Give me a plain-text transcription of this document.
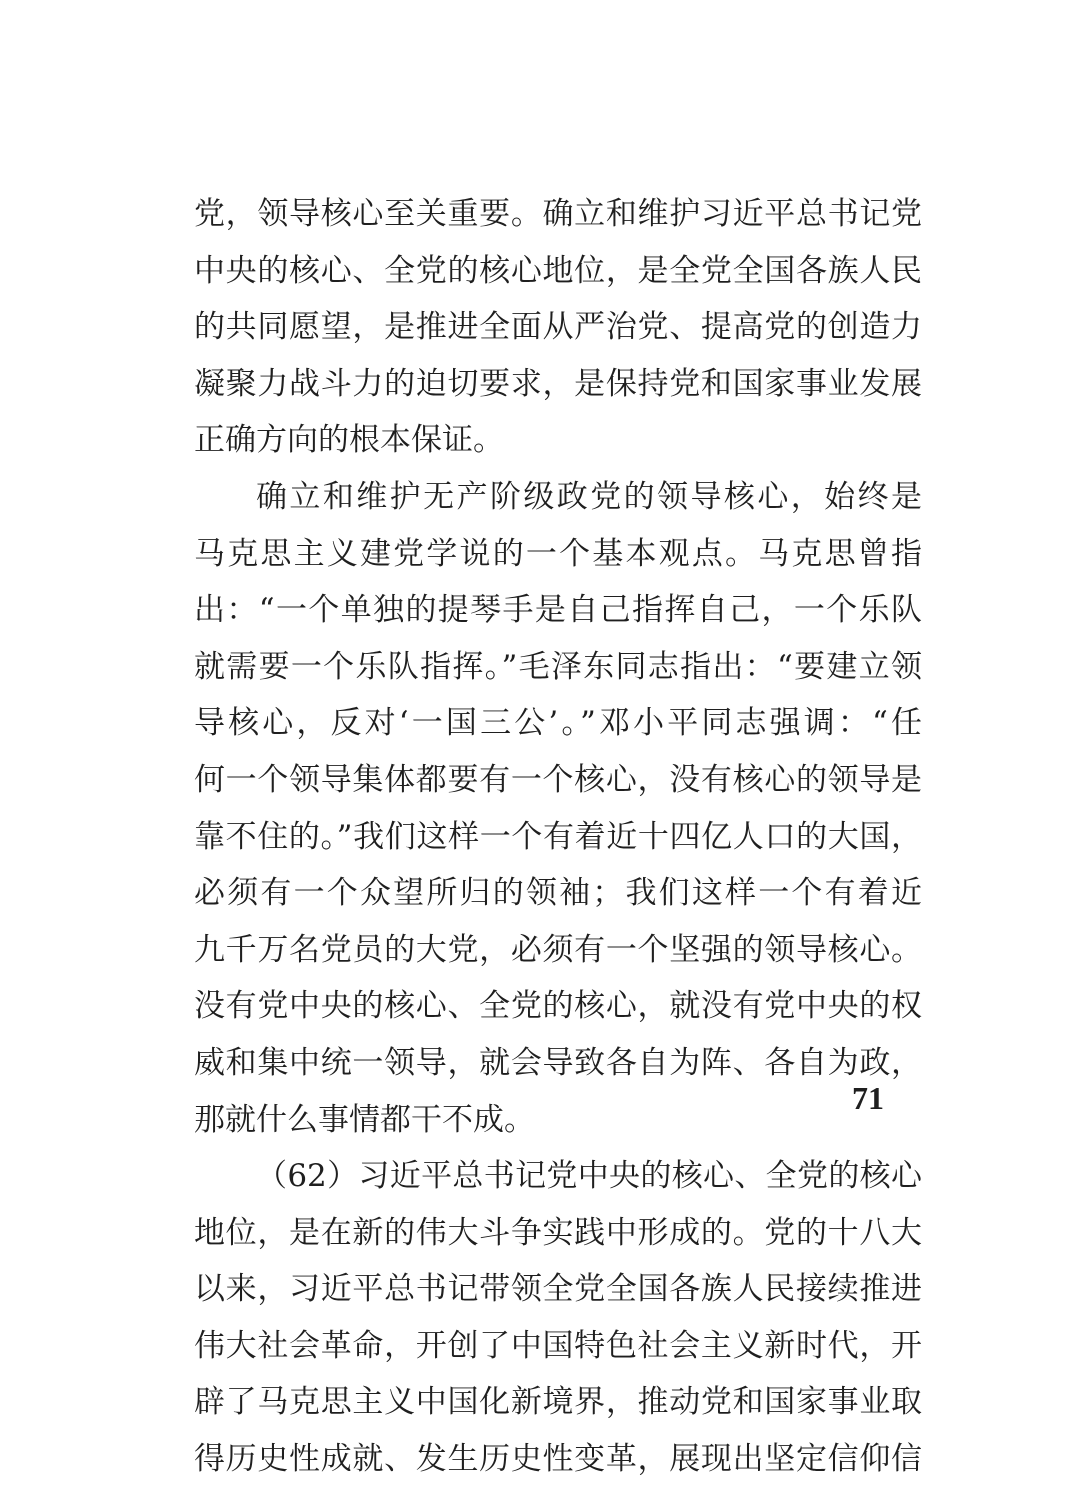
党，领导核心至关重要。确立和维护习近平总书记党
中央的核心、全党的核心地位，是全党全国各族人民
的共同愿望，是推进全面从严治党、提高党的创造力
凝聚力战斗力的迫切要求，是保持党和国家事业发展
正确方向的根本保证。
确立和维护无产阶级政党的领导核心，始终是
马克思主义建党学说的一个基本观点。马克思曾指
出：“一个单独的提琴手是自己指挥自己，一个乐队
就需要一个乐队指挥。”毛泽东同志指出：“要建立领
导核心，反对‘一国三公’。”邓小平同志强调：“任
何一个领导集体都要有一个核心，没有核心的领导是
靠不住的。”我们这样一个有着近十四亿人口的大国，
必须有一个众望所归的领袖；我们这样一个有着近
九千万名党员的大党，必须有一个坚强的领导核心。
没有党中央的核心、全党的核心，就没有党中央的权
威和集中统一领导，就会导致各自为阵、各自为政，
那就什么事情都干不成。
（62）习近平总书记党中央的核心、全党的核心
地位，是在新的伟大斗争实践中形成的。党的十八大
以来，习近平总书记带领全党全国各族人民接续推进
伟大社会革命，开创了中国特色社会主义新时代，开
辟了马克思主义中国化新境界，推动党和国家事业取
得历史性成就、发生历史性变革，展现出坚定信仰信
71
